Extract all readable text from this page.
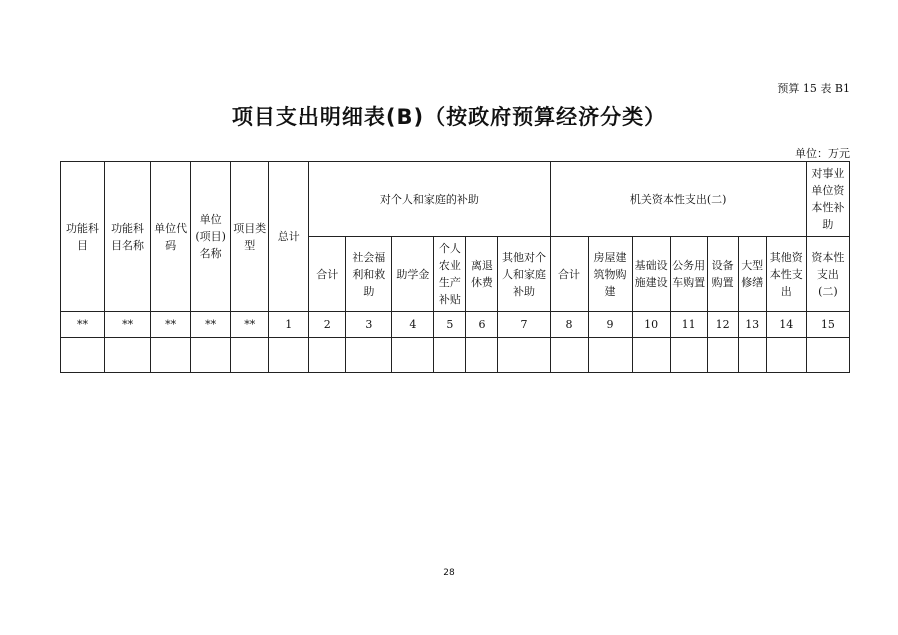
预算 15 表 B1
项目支出明细表(B)（按政府预算经济分类）
单位：万元
功能科目	功能科目名称	单位代码	单位(项目)名称	项目类型	总计	对个人和家庭的补助						机关资本性支出(二)							对事业单位资本性补助
						合计	社会福利和救助	助学金	个人农业生产补贴	离退休费	其他对个人和家庭补助	合计	房屋建筑物购建	基础设施建设	公务用车购置	设备购置	大型修缮	其他资本性支出	资本性支出(二)
**	**	**	**	**	1	2	3	4	5	6	7	8	9	10	11	12	13	14	15

28
